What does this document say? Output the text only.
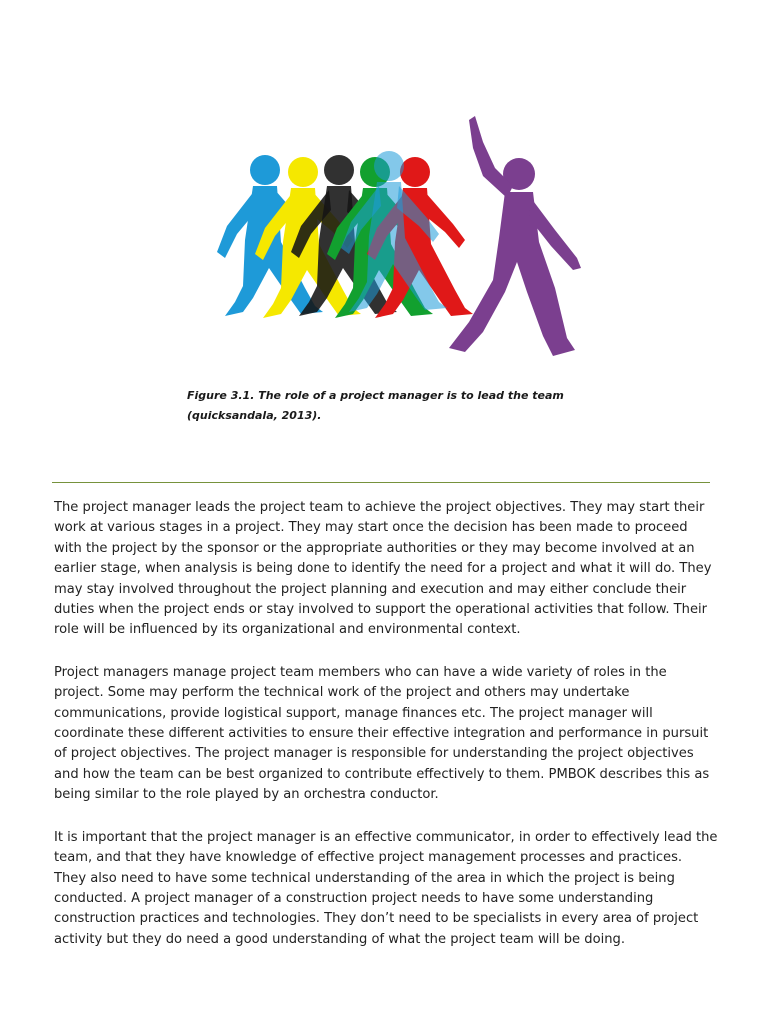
Figure 3.1. The role of a project manager is to lead the team (quicksandala, 2013).

The project manager leads the project team to achieve the project objectives. They may start their work at various stages in a project. They may start once the decision has been made to proceed with the project by the sponsor or the appropriate authorities or they may become involved at an earlier stage, when analysis is being done to identify the need for a project and what it will do. They may stay involved throughout the project planning and execution and may either conclude their duties when the project ends or stay involved to support the operational activities that follow. Their role will be influenced by its organizational and environmental context.

Project managers manage project team members who can have a wide variety of roles in the project. Some may perform the technical work of the project and others may undertake communications, provide logistical support, manage finances etc. The project manager will coordinate these different activities to ensure their effective integration and performance in pursuit of project objectives. The project manager is responsible for understanding the project objectives and how the team can be best organized to contribute effectively to them. PMBOK describes this as being similar to the role played by an orchestra conductor.

It is important that the project manager is an effective communicator, in order to effectively lead the team, and that they have knowledge of effective project management processes and practices. They also need to have some technical understanding of the area in which the project is being conducted. A project manager of a construction project needs to have some understanding construction practices and technologies. They don’t need to be specialists in every area of project activity but they do need a good understanding of what the project team will be doing.
